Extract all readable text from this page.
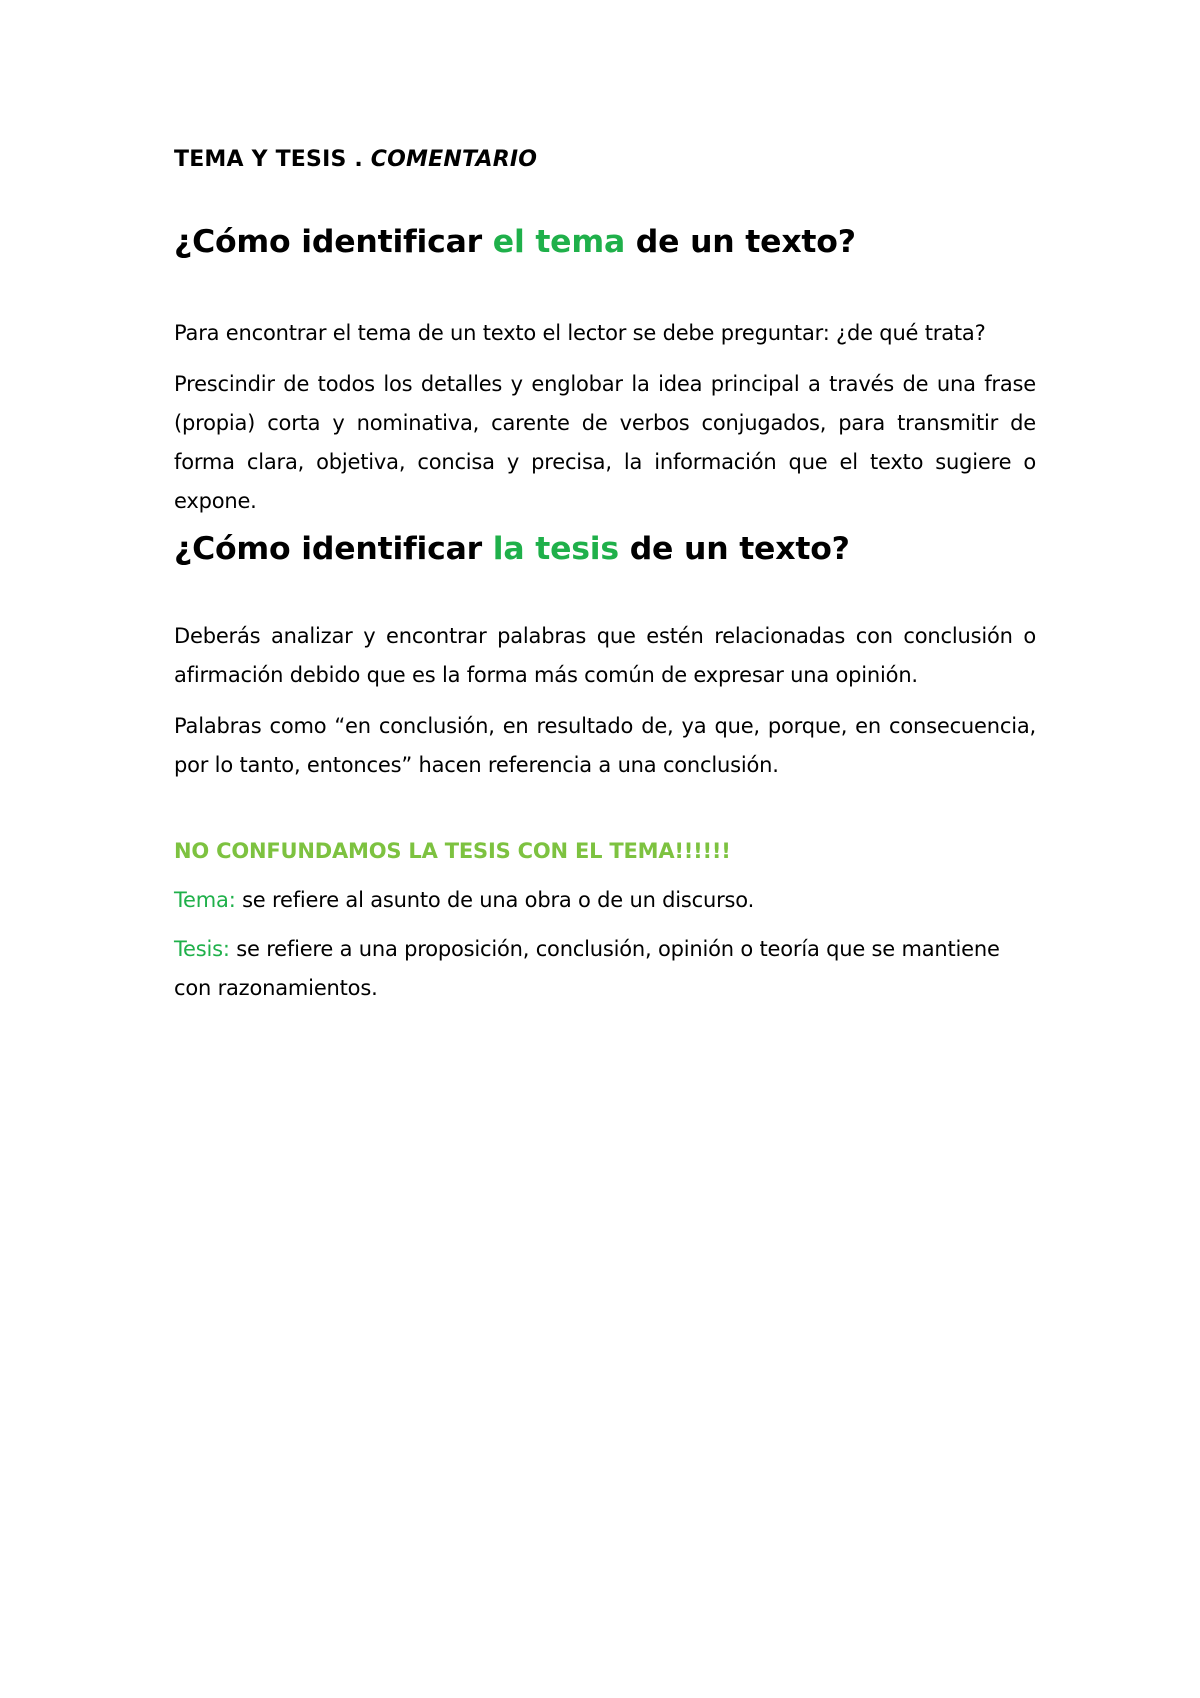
TEMA Y TESIS . COMENTARIO
¿Cómo identificar el tema de un texto?

Para encontrar el tema de un texto el lector se debe preguntar: ¿de qué trata?

Prescindir de todos los detalles y englobar la idea principal a través de una frase (propia) corta y nominativa, carente de verbos conjugados, para transmitir de forma clara, objetiva, concisa y precisa, la información que el texto sugiere o expone.

¿Cómo identificar la tesis de un texto?

Deberás analizar y encontrar palabras que estén relacionadas con conclusión o afirmación debido que es la forma más común de expresar una opinión.

Palabras como “en conclusión, en resultado de, ya que, porque, en consecuencia, por lo tanto, entonces” hacen referencia a una conclusión.

NO CONFUNDAMOS LA TESIS CON EL TEMA!!!!!!

Tema: se refiere al asunto de una obra o de un discurso.

Tesis: se refiere a una proposición, conclusión, opinión o teoría que se mantiene con razonamientos.
